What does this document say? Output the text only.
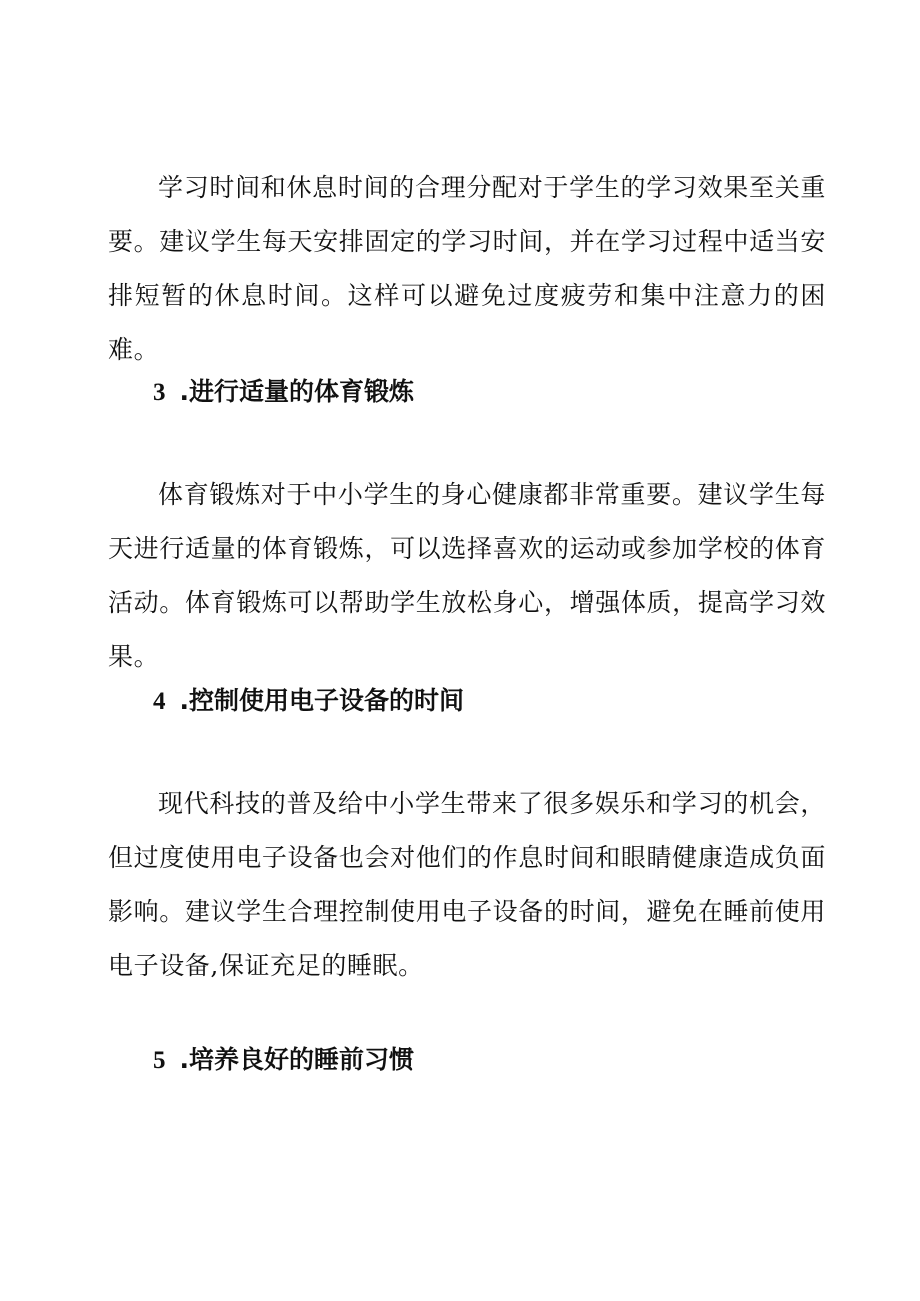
学习时间和休息时间的合理分配对于学生的学习效果至关重要。建议学生每天安排固定的学习时间，并在学习过程中适当安排短暂的休息时间。这样可以避免过度疲劳和集中注意力的困难。

3 .进行适量的体育锻炼

体育锻炼对于中小学生的身心健康都非常重要。建议学生每天进行适量的体育锻炼，可以选择喜欢的运动或参加学校的体育活动。体育锻炼可以帮助学生放松身心，增强体质，提高学习效果。

4 .控制使用电子设备的时间

现代科技的普及给中小学生带来了很多娱乐和学习的机会，但过度使用电子设备也会对他们的作息时间和眼睛健康造成负面影响。建议学生合理控制使用电子设备的时间，避免在睡前使用电子设备,保证充足的睡眠。

5 .培养良好的睡前习惯
